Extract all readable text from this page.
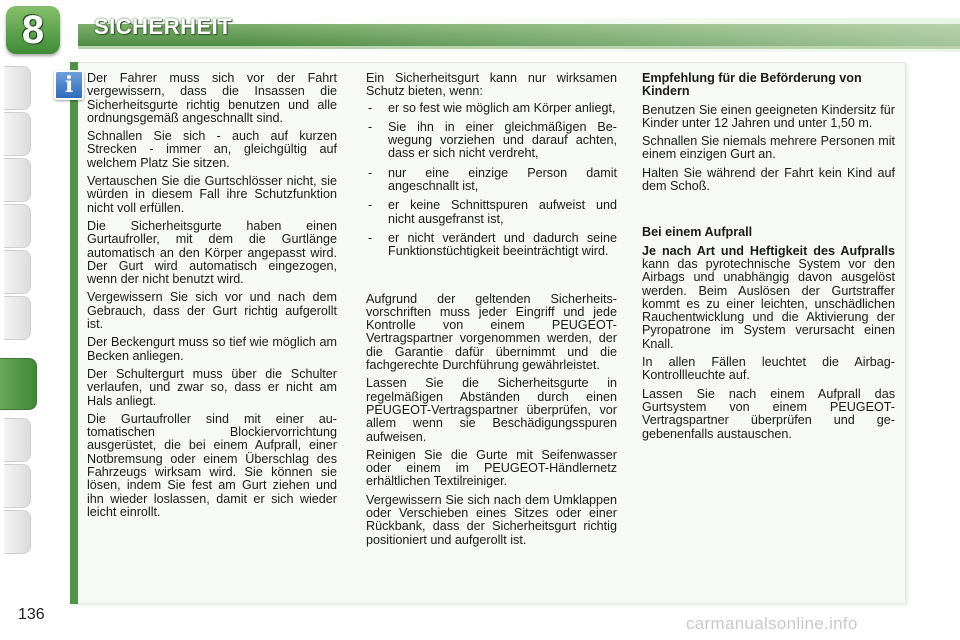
8 SICHERHEIT
i	Der Fahrer muss sich vor der Fahrt vergewissern, dass die Insassen die Sicherheitsgurte richtig benutzen und alle ordnungsgemäß angeschnallt sind.

Schnallen Sie sich - auch auf kurzen Strecken - immer an, gleichgültig auf welchem Platz Sie sitzen.

Vertauschen Sie die Gurtschlösser nicht, sie würden in diesem Fall ihre Schutzfunktion nicht voll erfüllen.

Die Sicherheitsgurte haben einen Gurtaufroller, mit dem die Gurtlänge automatisch an den Körper angepasst wird. Der Gurt wird automatisch eingezogen, wenn der nicht benutzt wird.

Vergewissern Sie sich vor und nach dem Gebrauch, dass der Gurt richtig aufgerollt ist.

Der Beckengurt muss so tief wie möglich am Becken anliegen.

Der Schultergurt muss über die Schulter verlaufen, und zwar so, dass er nicht am Hals anliegt.

Die Gurtaufroller sind mit einer automatischen Blockiervorrichtung ausgerüstet, die bei einem Aufprall, einer Notbremsung oder einem Überschlag des Fahrzeugs wirksam wird. Sie können sie lösen, indem Sie fest am Gurt ziehen und ihn wieder loslassen, damit er sich wieder leicht einrollt.

Ein Sicherheitsgurt kann nur wirksamen Schutz bieten, wenn:

- er so fest wie möglich am Körper anliegt,
- Sie ihn in einer gleichmäßigen Bewegung vorziehen und darauf achten, dass er sich nicht verdreht,
- nur eine einzige Person damit angeschnallt ist,
- er keine Schnittspuren aufweist und nicht ausgefranst ist,
- er nicht verändert und dadurch seine Funktionstüchtigkeit beeinträchtigt wird.

Aufgrund der geltenden Sicherheitsvorschriften muss jeder Eingriff und jede Kontrolle von einem PEUGEOT-Vertragspartner vorgenommen werden, der die Garantie dafür übernimmt und die fachgerechte Durchführung gewährleistet.

Lassen Sie die Sicherheitsgurte in regelmäßigen Abständen durch einen PEUGEOT-Vertragspartner überprüfen, vor allem wenn sie Beschädigungsspuren aufweisen.

Reinigen Sie die Gurte mit Seifenwasser oder einem im PEUGEOT-Händlernetz erhältlichen Textilreiniger.

Vergewissern Sie sich nach dem Umklappen oder Verschieben eines Sitzes oder einer Rückbank, dass der Sicherheitsgurt richtig positioniert und aufgerollt ist.

Empfehlung für die Beförderung von Kindern

Benutzen Sie einen geeigneten Kindersitz für Kinder unter 12 Jahren und unter 1,50 m.

Schnallen Sie niemals mehrere Personen mit einem einzigen Gurt an.

Halten Sie während der Fahrt kein Kind auf dem Schoß.

Bei einem Aufprall

Je nach Art und Heftigkeit des Aufpralls kann das pyrotechnische System vor den Airbags und unabhängig davon ausgelöst werden. Beim Auslösen der Gurtstraffer kommt es zu einer leichten, unschädlichen Rauchentwicklung und die Aktivierung der Pyropatrone im System verursacht einen Knall.

In allen Fällen leuchtet die Airbag-Kontrollleuchte auf.

Lassen Sie nach einem Aufprall das Gurtsystem von einem PEUGEOT-Vertragspartner überprüfen und gegebenenfalls austauschen.

136	carmanualsonline.info
